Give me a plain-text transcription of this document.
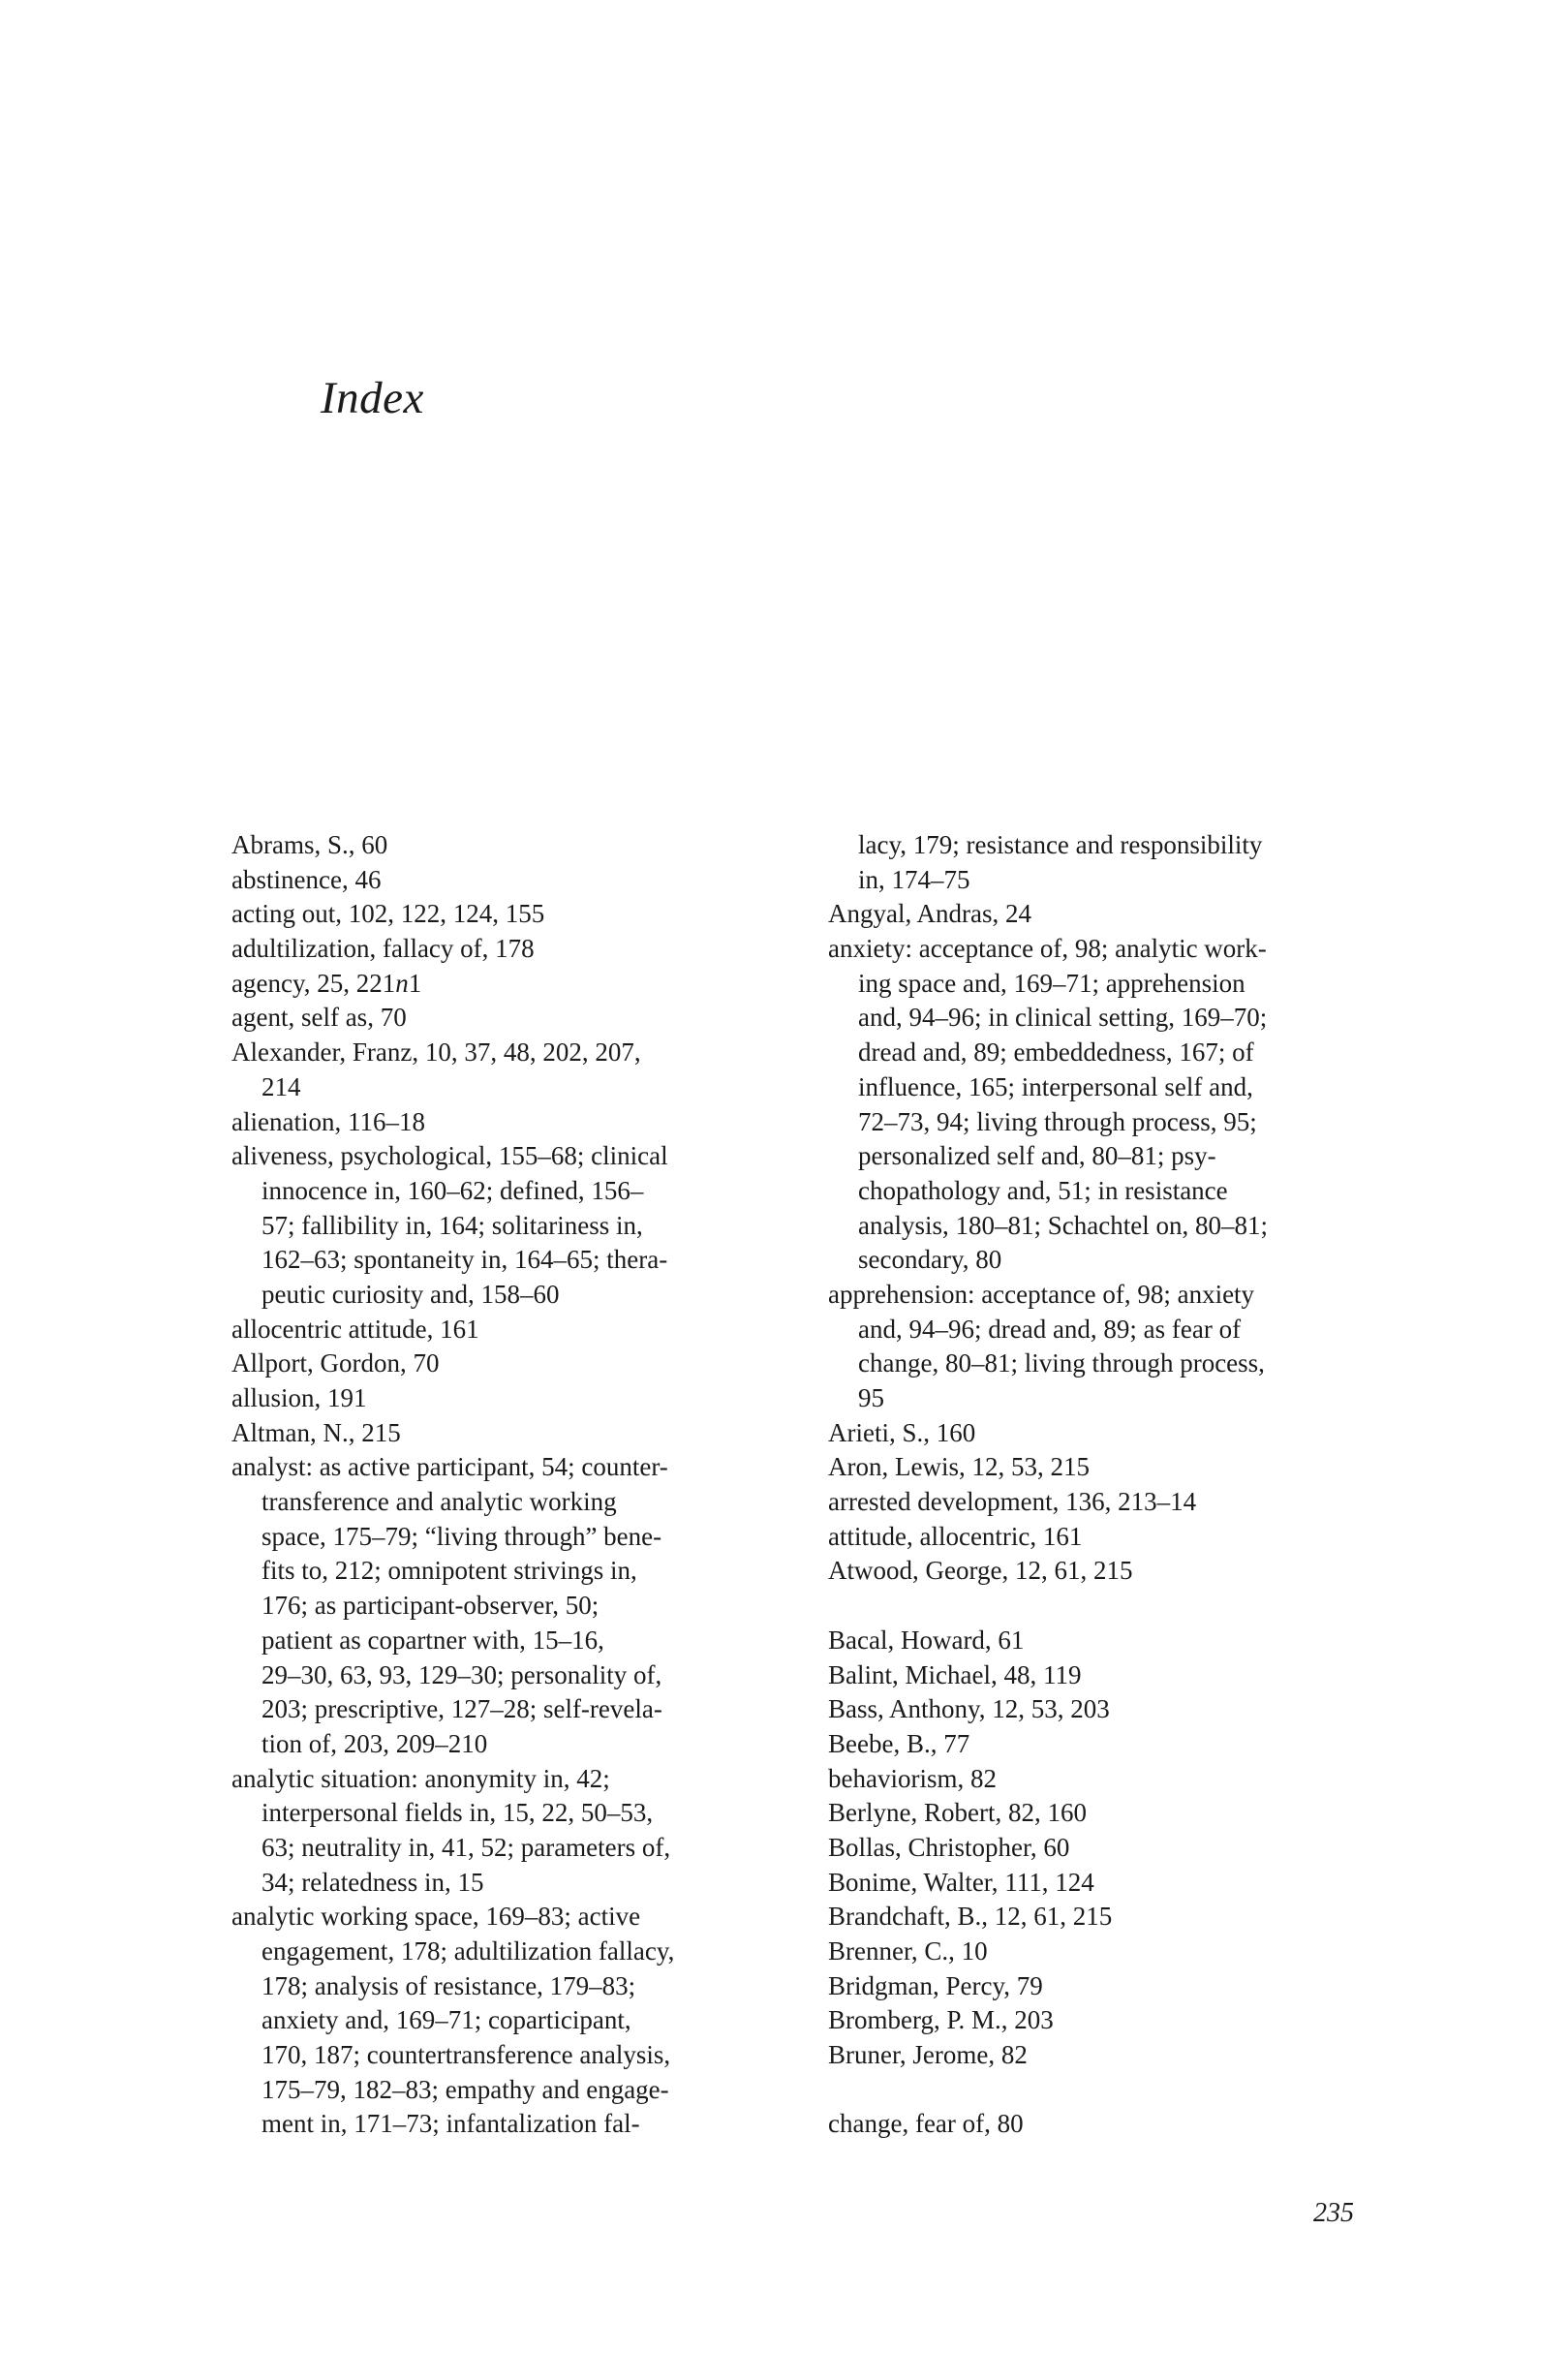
Index
Abrams, S., 60
abstinence, 46
acting out, 102, 122, 124, 155
adultilization, fallacy of, 178
agency, 25, 221n1
agent, self as, 70
Alexander, Franz, 10, 37, 48, 202, 207,
214
alienation, 116–18
aliveness, psychological, 155–68; clinical
innocence in, 160–62; defined, 156–
57; fallibility in, 164; solitariness in,
162–63; spontaneity in, 164–65; thera-
peutic curiosity and, 158–60
allocentric attitude, 161
Allport, Gordon, 70
allusion, 191
Altman, N., 215
analyst: as active participant, 54; counter-
transference and analytic working
space, 175–79; “living through” bene-
fits to, 212; omnipotent strivings in,
176; as participant-observer, 50;
patient as copartner with, 15–16,
29–30, 63, 93, 129–30; personality of,
203; prescriptive, 127–28; self-revela-
tion of, 203, 209–210
analytic situation: anonymity in, 42;
interpersonal fields in, 15, 22, 50–53,
63; neutrality in, 41, 52; parameters of,
34; relatedness in, 15
analytic working space, 169–83; active
engagement, 178; adultilization fallacy,
178; analysis of resistance, 179–83;
anxiety and, 169–71; coparticipant,
170, 187; countertransference analysis,
175–79, 182–83; empathy and engage-
ment in, 171–73; infantalization fal-
lacy, 179; resistance and responsibility
in, 174–75
Angyal, Andras, 24
anxiety: acceptance of, 98; analytic work-
ing space and, 169–71; apprehension
and, 94–96; in clinical setting, 169–70;
dread and, 89; embeddedness, 167; of
influence, 165; interpersonal self and,
72–73, 94; living through process, 95;
personalized self and, 80–81; psy-
chopathology and, 51; in resistance
analysis, 180–81; Schachtel on, 80–81;
secondary, 80
apprehension: acceptance of, 98; anxiety
and, 94–96; dread and, 89; as fear of
change, 80–81; living through process,
95
Arieti, S., 160
Aron, Lewis, 12, 53, 215
arrested development, 136, 213–14
attitude, allocentric, 161
Atwood, George, 12, 61, 215

Bacal, Howard, 61
Balint, Michael, 48, 119
Bass, Anthony, 12, 53, 203
Beebe, B., 77
behaviorism, 82
Berlyne, Robert, 82, 160
Bollas, Christopher, 60
Bonime, Walter, 111, 124
Brandchaft, B., 12, 61, 215
Brenner, C., 10
Bridgman, Percy, 79
Bromberg, P. M., 203
Bruner, Jerome, 82

change, fear of, 80
235
